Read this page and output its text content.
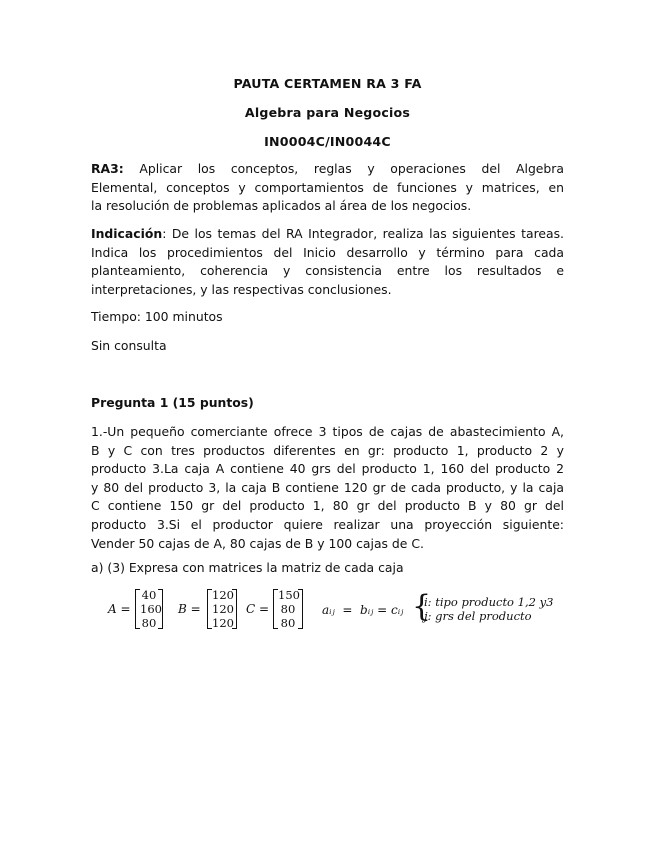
PAUTA CERTAMEN RA 3 FA
Algebra para Negocios
IN0004C/IN0044C
RA3: Aplicar los conceptos, reglas y operaciones del Algebra
Elemental, conceptos y comportamientos de funciones y matrices, en
la resolución de problemas aplicados al área de los negocios.
Indicación: De los temas del RA Integrador, realiza las siguientes tareas.
Indica los procedimientos del Inicio desarrollo y término para cada
planteamiento, coherencia y consistencia entre los resultados e
interpretaciones, y las respectivas conclusiones.
Tiempo: 100 minutos
Sin consulta
Pregunta 1 (15 puntos)
1.-Un pequeño comerciante ofrece 3 tipos de cajas de abastecimiento A,
B y C con tres productos diferentes en gr: producto 1, producto 2 y
producto 3.La caja A contiene 40 grs del producto 1, 160 del producto 2
y 80 del producto 3, la caja B contiene 120 gr de cada producto, y la caja
C contiene 150 gr del producto 1, 80 gr del producto B y 80 gr del
producto 3.Si el productor quiere realizar una proyección siguiente:
Vender 50 cajas de A, 80 cajas de B y 100 cajas de C.
a) (3) Expresa con matrices la matriz de cada caja
A =
40
160
80
B =
120
120
120
C =
150
80
80
aᵢⱼ  =  bᵢⱼ = cᵢⱼ {
i: tipo producto 1,2 y3
j: grs del producto
